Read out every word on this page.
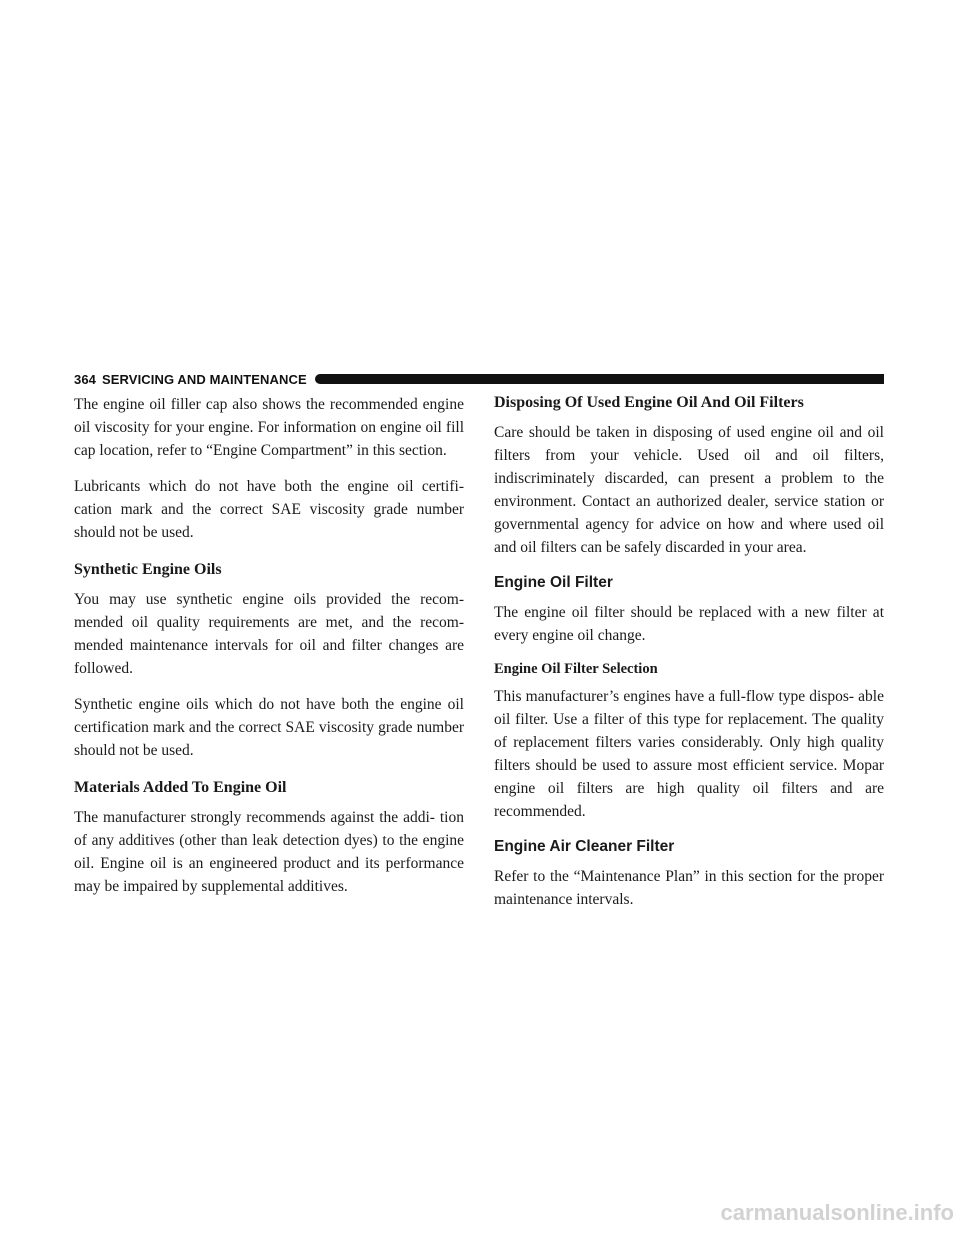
364 SERVICING AND MAINTENANCE

The engine oil filler cap also shows the recommended engine oil viscosity for your engine. For information on engine oil fill cap location, refer to “Engine Compartment” in this section.

Lubricants which do not have both the engine oil certifi- cation mark and the correct SAE viscosity grade number should not be used.

Synthetic Engine Oils

You may use synthetic engine oils provided the recom- mended oil quality requirements are met, and the recom- mended maintenance intervals for oil and filter changes are followed.

Synthetic engine oils which do not have both the engine oil certification mark and the correct SAE viscosity grade number should not be used.

Materials Added To Engine Oil

The manufacturer strongly recommends against the addi- tion of any additives (other than leak detection dyes) to the engine oil. Engine oil is an engineered product and its performance may be impaired by supplemental additives.

Disposing Of Used Engine Oil And Oil Filters

Care should be taken in disposing of used engine oil and oil filters from your vehicle. Used oil and oil filters, indiscriminately discarded, can present a problem to the environment. Contact an authorized dealer, service station or governmental agency for advice on how and where used oil and oil filters can be safely discarded in your area.

Engine Oil Filter

The engine oil filter should be replaced with a new filter at every engine oil change.

Engine Oil Filter Selection

This manufacturer’s engines have a full-flow type dispos- able oil filter. Use a filter of this type for replacement. The quality of replacement filters varies considerably. Only high quality filters should be used to assure most efficient service. Mopar engine oil filters are high quality oil filters and are recommended.

Engine Air Cleaner Filter

Refer to the “Maintenance Plan” in this section for the proper maintenance intervals.

carmanualsonline.info
